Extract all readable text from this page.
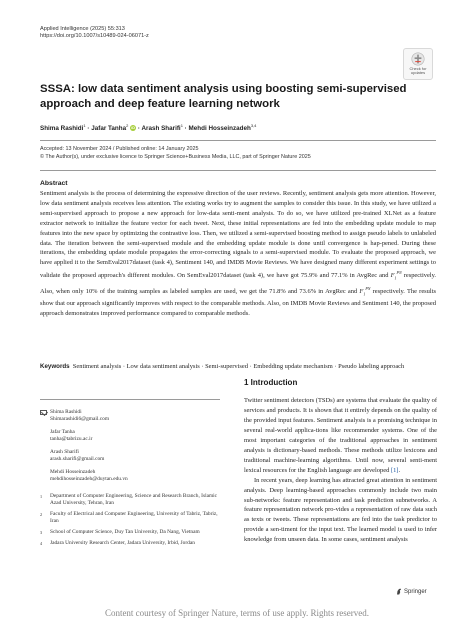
Applied Intelligence (2025) 55:313
https://doi.org/10.1007/s10489-024-06071-z
Check for
updates
SSSA: low data sentiment analysis using boosting semi-supervised approach and deep feature learning network
Shima Rashidi$^1$ · Jafar Tanha$^2$ iD · Arash Sharifi$^1$ · Mehdi Hosseinzadeh$^{3,4}$
Accepted: 13 November 2024 / Published online: 14 January 2025
© The Author(s), under exclusive licence to Springer Science+Business Media, LLC, part of Springer Nature 2025
Abstract
Sentiment analysis is the process of determining the expressive direction of the user reviews. Recently, sentiment analysis gets more attention. However, low data sentiment analysis receives less attention. The existing works try to augment the samples to consider this issue. In this study, we have utilized a semi-supervised approach to propose a new approach for low-data senti-ment analysis. To do so, we have utilized pre-trained XLNet as a feature extractor network to initialize the feature vector for each tweet. Next, these initial representations are fed into the embedding update module to map features into the new space by optimizing the contrastive loss. Then, we utilized a semi-supervised boosting method to assign pseudo labels to unlabeled data. The iteration between the semi-supervised module and the embedding update module is done until convergence is hap-pened. During these iterations, the embedding update module propagates the error-correcting signals to a semi-supervised module. To evaluate the proposed approach, we have applied it to the SemEval2017dataset (task 4), Sentiment 140, and IMDB Movie Reviews. We have designed many different experiment settings to validate the proposed approach's different modules. On SemEval2017dataset (task 4), we have got 75.9% and 77.1% in AvgRec and $F_1^{PN}$ respectively. Also, when only 10% of the training samples as labeled samples are used, we get the 71.8% and 73.6% in AvgRec and $F_1^{PN}$ respectively. The results show that our approach significantly improves with respect to the comparable methods. Also, on IMDB Movie Reviews and Sentiment 140, the proposed approach demonstrates improved performance compared to comparable methods.
Keywords Sentiment analysis · Low data sentiment analysis · Semi-supervised · Embedding update mechanism · Pseudo labeling approach
Shima Rashidi
Shimarashidi6@gmail.com
Jafar Tanha
tanha@tabrizu.ac.ir
Arash Sharifi
arash.sharifi@gmail.com
Mehdi Hosseinzadeh
mehdihosseinzadeh@duytan.edu.vn
1	Department of Computer Engineering, Science and Research Branch, Islamic Azad University, Tehran, Iran
2	Faculty of Electrical and Computer Engineering, University of Tabriz, Tabriz, Iran
3	School of Computer Science, Duy Tan University, Da Nang, Vietnam
4	Jadara University Research Center, Jadara University, Irbid, Jordan
1 Introduction

Twitter sentiment detectors (TSDs) are systems that evaluate the quality of services and products. It is shown that it entirely depends on the quality of the provided input features. Sentiment analysis is a promising technique in several real-world applica-tions like recommender systems. One of the most important categories of the traditional approaches in sentiment analysis is dictionary-based methods. These methods utilize lexicons and traditional machine-learning algorithms. Until now, several senti-ment lexical resources for the English language are developed [1].

In recent years, deep learning has attracted great attention in sentiment analysis. Deep learning-based approaches commonly include two main sub-networks: feature representation and task prediction subnetworks. A feature representation network pro-vides a representation of raw data such as texts or tweets. These representations are fed into the task predictor to provide a sen-timent for the input text. The learned model is used to infer knowledge from unseen data. In some cases, sentiment analysis

Springer
Content courtesy of Springer Nature, terms of use apply. Rights reserved.
